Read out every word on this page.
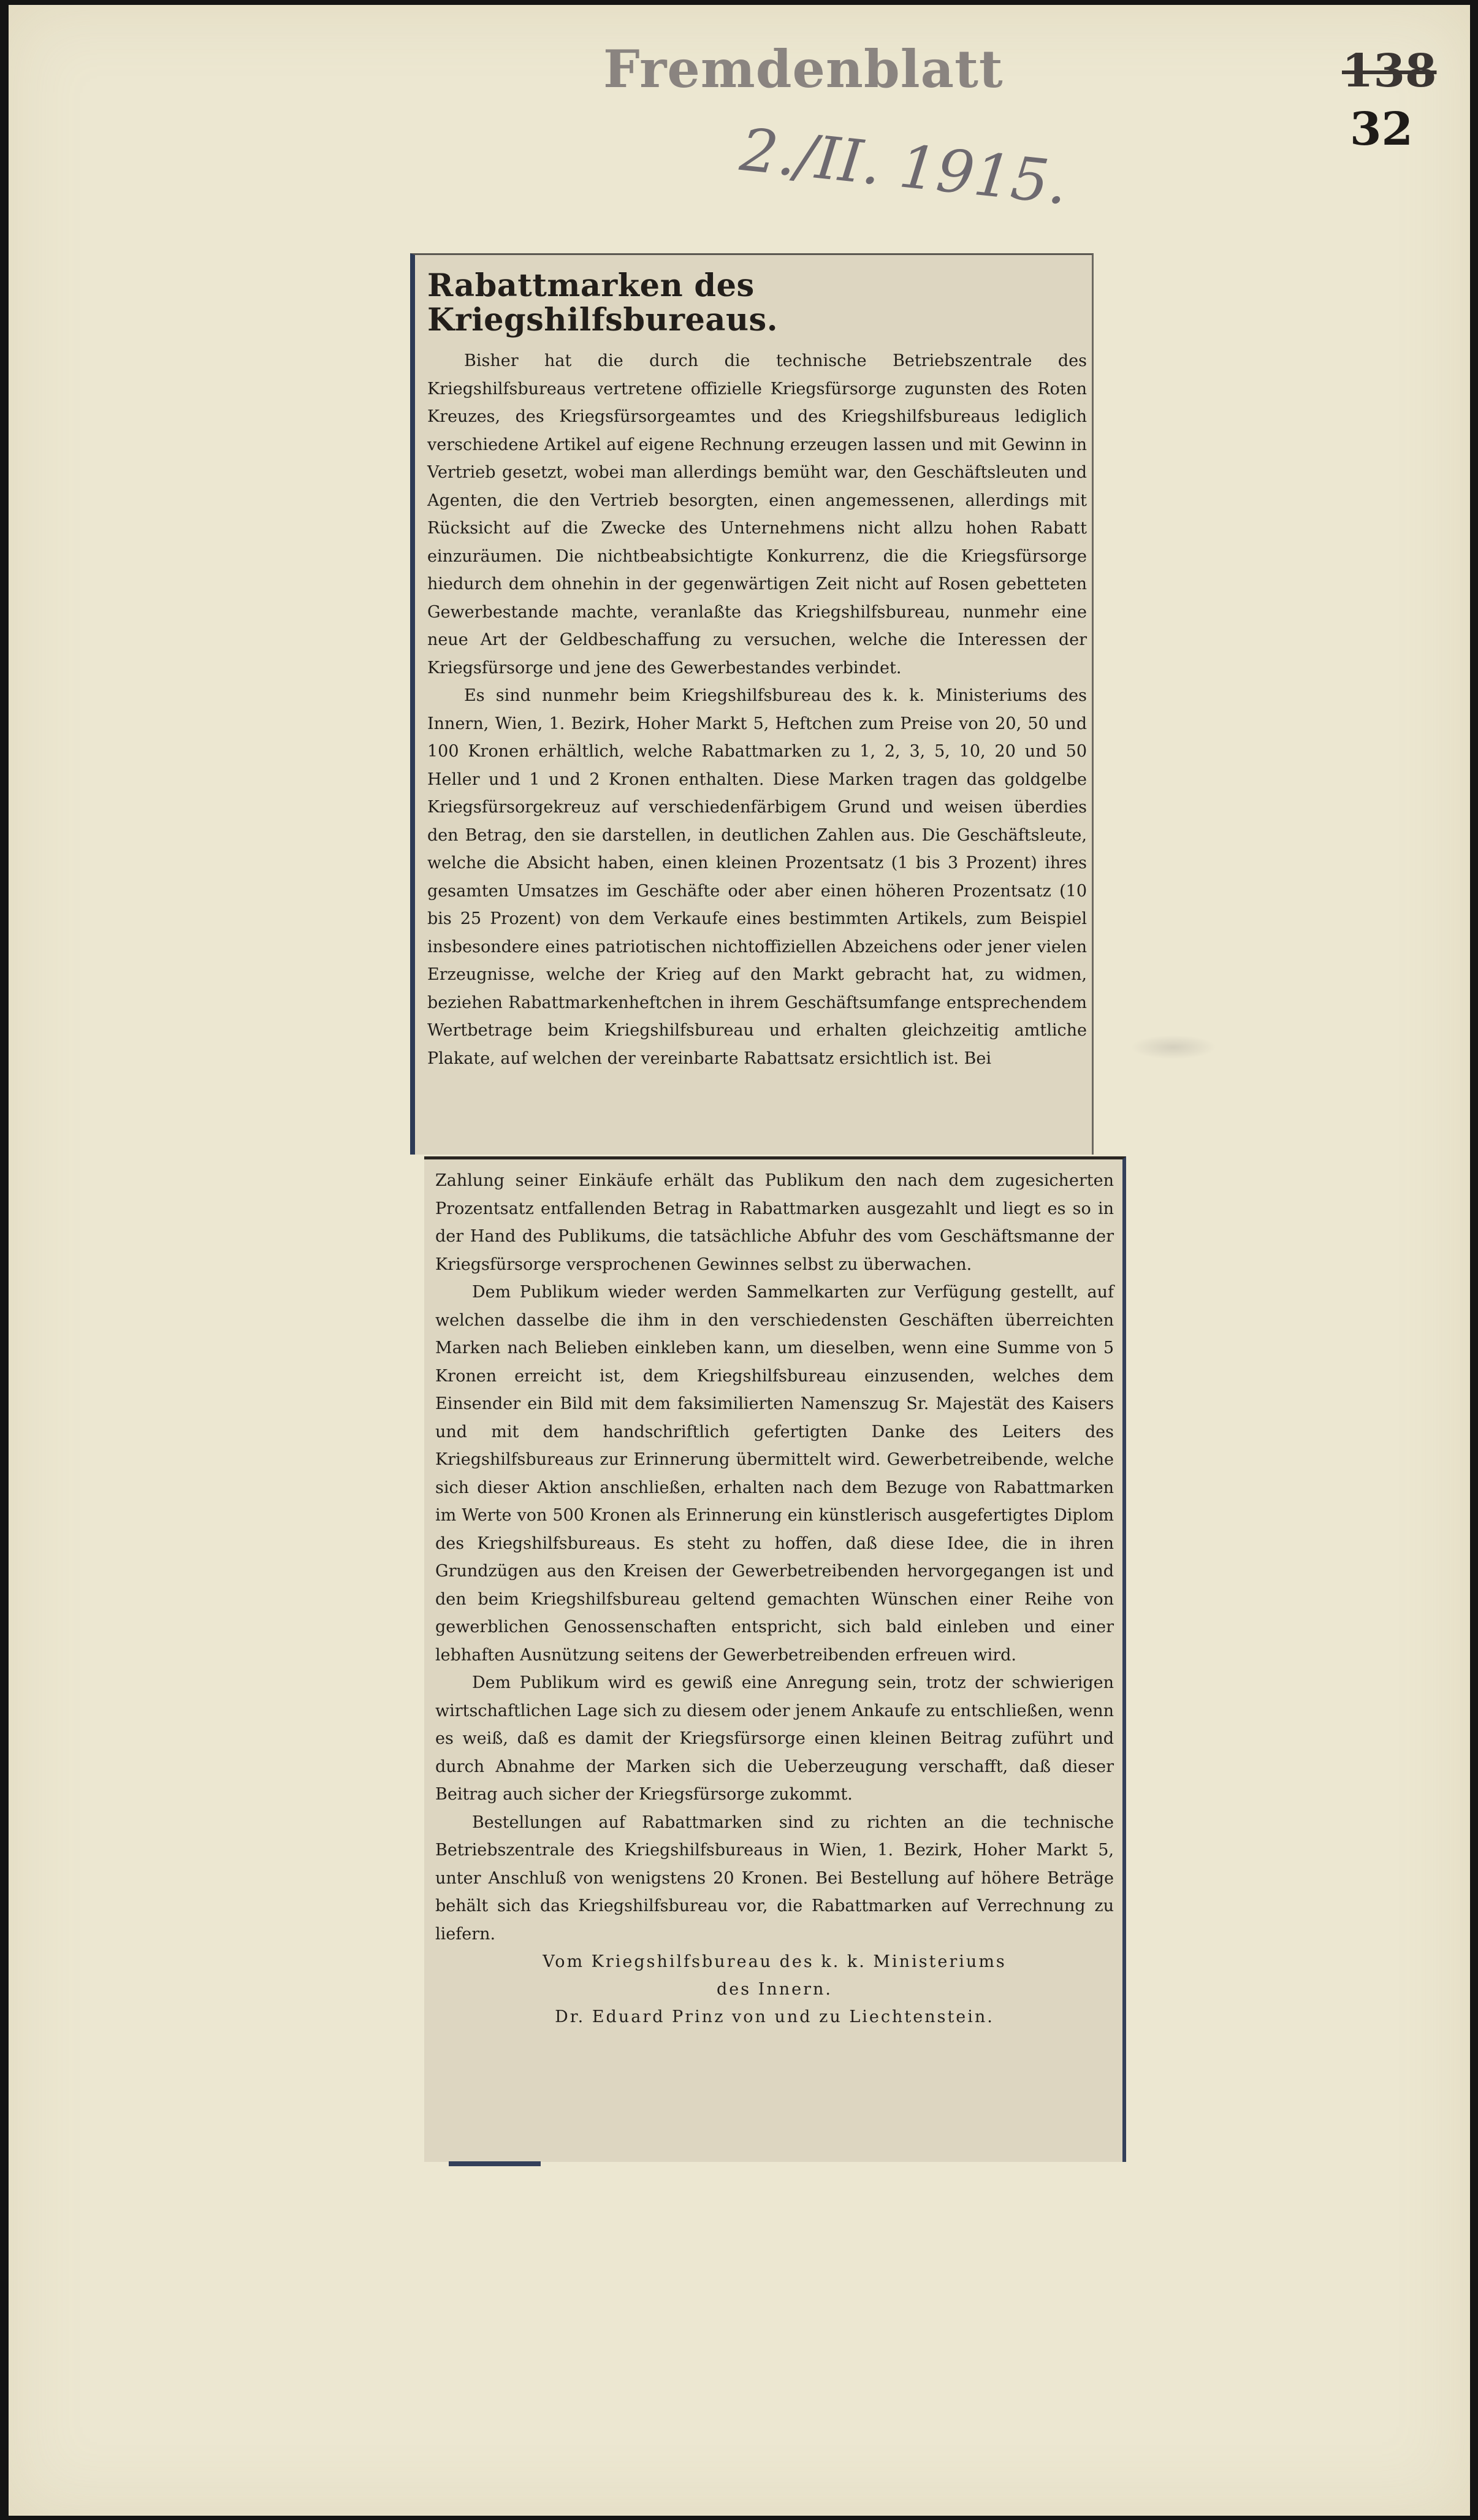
Fremdenblatt
2./II. 1915.
138
32
Rabattmarken des Kriegshilfsbureaus.

Bisher hat die durch die technische Betriebszentrale des Kriegshilfsbureaus vertretene offizielle Kriegsfürsorge zugunsten des Roten Kreuzes, des Kriegsfürsorgeamtes und des Kriegshilfsbureaus lediglich verschiedene Artikel auf eigene Rechnung erzeugen lassen und mit Gewinn in Vertrieb gesetzt, wobei man allerdings bemüht war, den Geschäftsleuten und Agenten, die den Vertrieb besorgten, einen angemessenen, allerdings mit Rücksicht auf die Zwecke des Unternehmens nicht allzu hohen Rabatt einzuräumen. Die nichtbeabsichtigte Konkurrenz, die die Kriegsfürsorge hiedurch dem ohnehin in der gegenwärtigen Zeit nicht auf Rosen gebetteten Gewerbestande machte, veranlaßte das Kriegshilfsbureau, nunmehr eine neue Art der Geldbeschaffung zu versuchen, welche die Interessen der Kriegsfürsorge und jene des Gewerbestandes verbindet.

Es sind nunmehr beim Kriegshilfsbureau des k. k. Ministeriums des Innern, Wien, 1. Bezirk, Hoher Markt 5, Heftchen zum Preise von 20, 50 und 100 Kronen erhältlich, welche Rabattmarken zu 1, 2, 3, 5, 10, 20 und 50 Heller und 1 und 2 Kronen enthalten. Diese Marken tragen das goldgelbe Kriegsfürsorgekreuz auf verschiedenfärbigem Grund und weisen überdies den Betrag, den sie darstellen, in deutlichen Zahlen aus. Die Geschäftsleute, welche die Absicht haben, einen kleinen Prozentsatz (1 bis 3 Prozent) ihres gesamten Umsatzes im Geschäfte oder aber einen höheren Prozentsatz (10 bis 25 Prozent) von dem Verkaufe eines bestimmten Artikels, zum Beispiel insbesondere eines patriotischen nichtoffiziellen Abzeichens oder jener vielen Erzeugnisse, welche der Krieg auf den Markt gebracht hat, zu widmen, beziehen Rabattmarkenheftchen in ihrem Geschäftsumfange entsprechendem Wertbetrage beim Kriegshilfsbureau und erhalten gleichzeitig amtliche Plakate, auf welchen der vereinbarte Rabattsatz ersichtlich ist. Bei

Zahlung seiner Einkäufe erhält das Publikum den nach dem zugesicherten Prozentsatz entfallenden Betrag in Rabattmarken ausgezahlt und liegt es so in der Hand des Publikums, die tatsächliche Abfuhr des vom Geschäftsmanne der Kriegsfürsorge versprochenen Gewinnes selbst zu überwachen.

Dem Publikum wieder werden Sammelkarten zur Verfügung gestellt, auf welchen dasselbe die ihm in den verschiedensten Geschäften überreichten Marken nach Belieben einkleben kann, um dieselben, wenn eine Summe von 5 Kronen erreicht ist, dem Kriegshilfsbureau einzusenden, welches dem Einsender ein Bild mit dem faksimilierten Namenszug Sr. Majestät des Kaisers und mit dem handschriftlich gefertigten Danke des Leiters des Kriegshilfsbureaus zur Erinnerung übermittelt wird. Gewerbetreibende, welche sich dieser Aktion anschließen, erhalten nach dem Bezuge von Rabattmarken im Werte von 500 Kronen als Erinnerung ein künstlerisch ausgefertigtes Diplom des Kriegshilfsbureaus. Es steht zu hoffen, daß diese Idee, die in ihren Grundzügen aus den Kreisen der Gewerbetreibenden hervorgegangen ist und den beim Kriegshilfsbureau geltend gemachten Wünschen einer Reihe von gewerblichen Genossenschaften entspricht, sich bald einleben und einer lebhaften Ausnützung seitens der Gewerbetreibenden erfreuen wird.

Dem Publikum wird es gewiß eine Anregung sein, trotz der schwierigen wirtschaftlichen Lage sich zu diesem oder jenem Ankaufe zu entschließen, wenn es weiß, daß es damit der Kriegsfürsorge einen kleinen Beitrag zuführt und durch Abnahme der Marken sich die Ueberzeugung verschafft, daß dieser Beitrag auch sicher der Kriegsfürsorge zukommt.

Bestellungen auf Rabattmarken sind zu richten an die technische Betriebszentrale des Kriegshilfsbureaus in Wien, 1. Bezirk, Hoher Markt 5, unter Anschluß von wenigstens 20 Kronen. Bei Bestellung auf höhere Beträge behält sich das Kriegshilfsbureau vor, die Rabattmarken auf Verrechnung zu liefern.

Vom Kriegshilfsbureau des k. k. Ministeriums

des Innern.

Dr. Eduard Prinz von und zu Liechtenstein.
